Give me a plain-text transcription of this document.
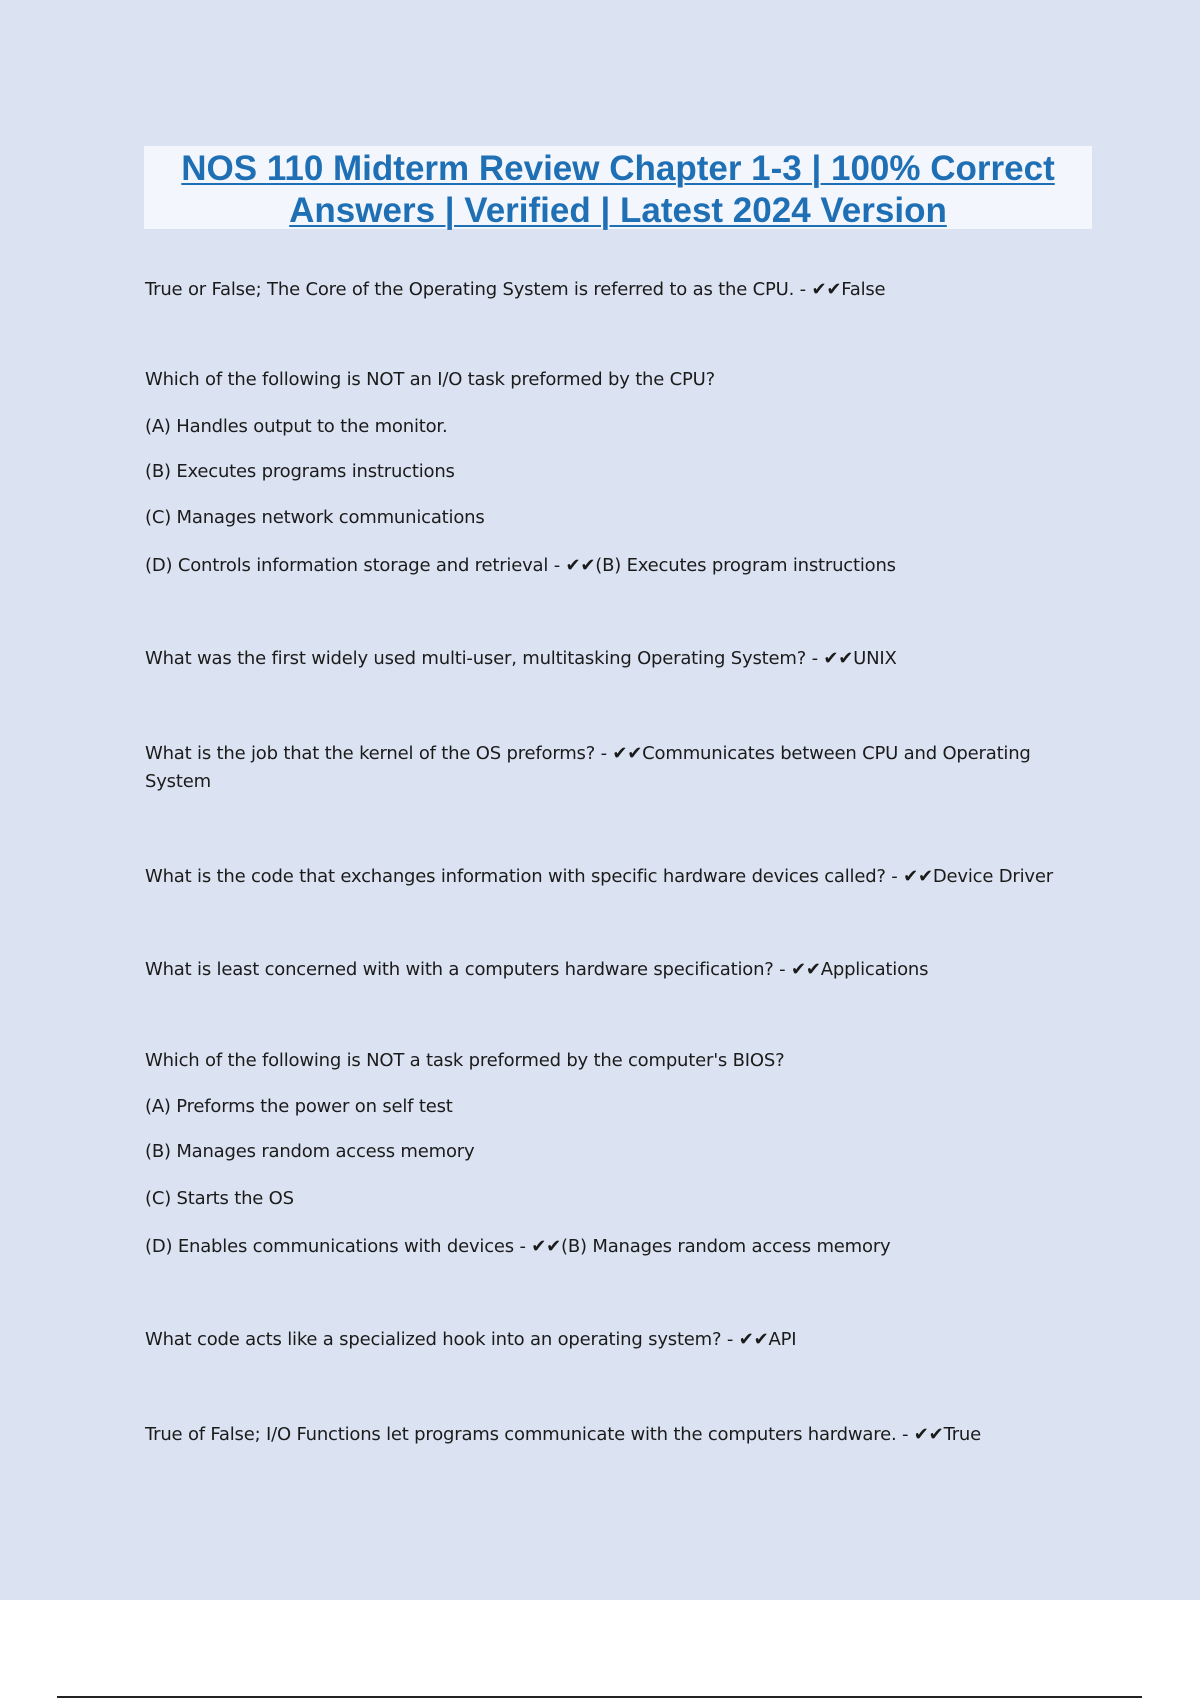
NOS 110 Midterm Review Chapter 1-3 | 100% Correct
Answers | Verified | Latest 2024 Version

True or False; The Core of the Operating System is referred to as the CPU. - ✔✔False

Which of the following is NOT an I/O task preformed by the CPU?

(A) Handles output to the monitor.

(B) Executes programs instructions

(C) Manages network communications

(D) Controls information storage and retrieval - ✔✔(B) Executes program instructions

What was the first widely used multi-user, multitasking Operating System? - ✔✔UNIX

What is the job that the kernel of the OS preforms? - ✔✔Communicates between CPU and Operating System

What is the code that exchanges information with specific hardware devices called? - ✔✔Device Driver

What is least concerned with with a computers hardware specification? - ✔✔Applications

Which of the following is NOT a task preformed by the computer's BIOS?

(A) Preforms the power on self test

(B) Manages random access memory

(C) Starts the OS

(D) Enables communications with devices - ✔✔(B) Manages random access memory

What code acts like a specialized hook into an operating system? - ✔✔API

True of False; I/O Functions let programs communicate with the computers hardware. - ✔✔True
